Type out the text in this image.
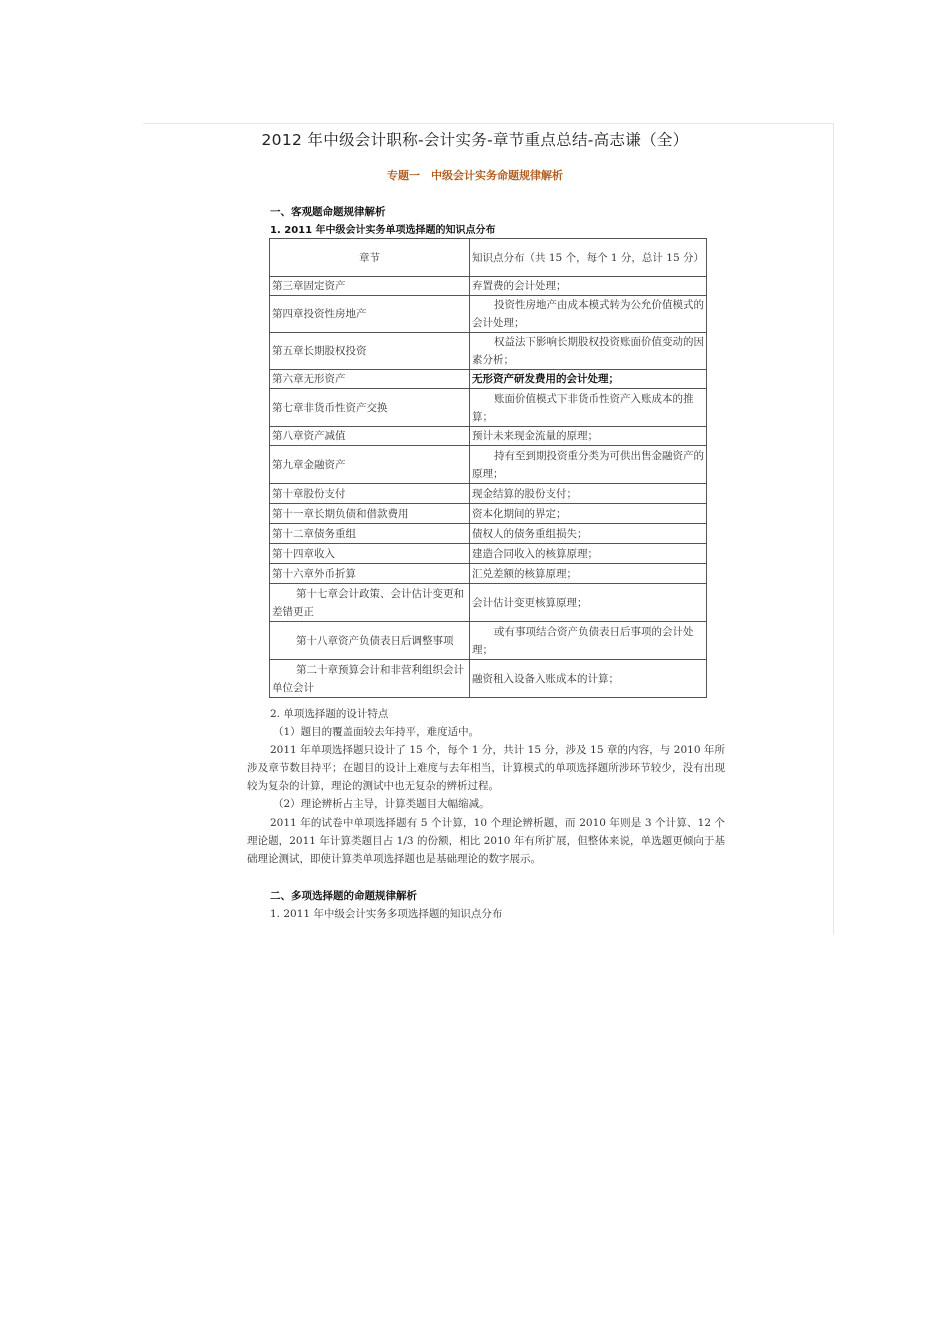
2012 年中级会计职称-会计实务-章节重点总结-高志谦（全）
专题一　中级会计实务命题规律解析
一、客观题命题规律解析
1. 2011 年中级会计实务单项选择题的知识点分布
章节	知识点分布（共 15 个，每个 1 分，总计 15 分）
第三章固定资产	弃置费的会计处理；
第四章投资性房地产	投资性房地产由成本模式转为公允价值模式的会计处理；
第五章长期股权投资	权益法下影响长期股权投资账面价值变动的因素分析；
第六章无形资产	无形资产研发费用的会计处理；
第七章非货币性资产交换	账面价值模式下非货币性资产入账成本的推算；
第八章资产减值	预计未来现金流量的原理；
第九章金融资产	持有至到期投资重分类为可供出售金融资产的原理；
第十章股份支付	现金结算的股份支付；
第十一章长期负债和借款费用	资本化期间的界定；
第十二章债务重组	债权人的债务重组损失；
第十四章收入	建造合同收入的核算原理；
第十六章外币折算	汇兑差额的核算原理；
第十七章会计政策、会计估计变更和差错更正	会计估计变更核算原理；
第十八章资产负债表日后调整事项	或有事项结合资产负债表日后事项的会计处理；
第二十章预算会计和非营利组织会计单位会计	融资租入设备入账成本的计算；
2. 单项选择题的设计特点
（1）题目的覆盖面较去年持平，难度适中。
2011 年单项选择题只设计了 15 个，每个 1 分，共计 15 分，涉及 15 章的内容，与 2010 年所涉及章节数目持平；在题目的设计上难度与去年相当，计算模式的单项选择题所涉环节较少，没有出现较为复杂的计算，理论的测试中也无复杂的辨析过程。
（2）理论辨析占主导，计算类题目大幅缩减。
2011 年的试卷中单项选择题有 5 个计算，10 个理论辨析题，而 2010 年则是 3 个计算、12 个理论题，2011 年计算类题目占 1/3 的份额，相比 2010 年有所扩展，但整体来说，单选题更倾向于基础理论测试，即使计算类单项选择题也是基础理论的数字展示。
二、多项选择题的命题规律解析
1. 2011 年中级会计实务多项选择题的知识点分布
